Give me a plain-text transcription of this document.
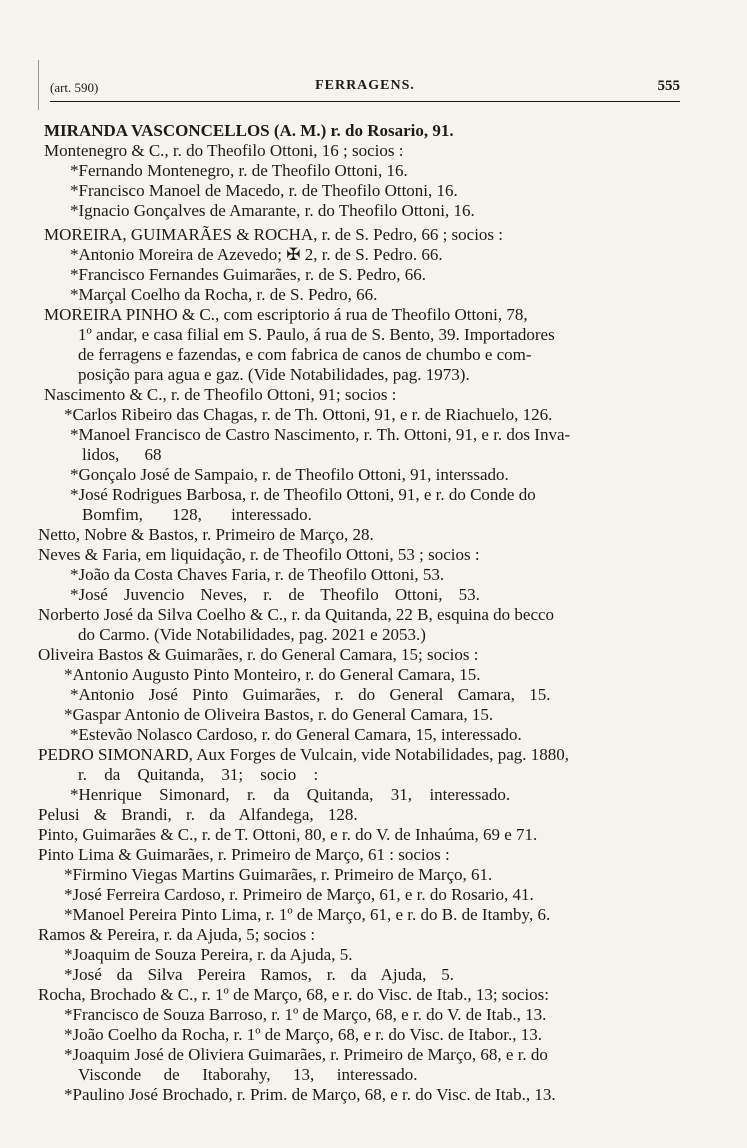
(art. 590)	FERRAGENS.	555
MIRANDA VASCONCELLOS (A. M.) r. do Rosario, 91.
Montenegro & C., r. do Theofilo Ottoni, 16 ; socios :
*Fernando Montenegro, r. de Theofilo Ottoni, 16.
*Francisco Manoel de Macedo, r. de Theofilo Ottoni, 16.
*Ignacio Gonçalves de Amarante, r. do Theofilo Ottoni, 16.
MOREIRA, GUIMARÃES & ROCHA, r. de S. Pedro, 66 ; socios :
*Antonio Moreira de Azevedo; ✠ 2, r. de S. Pedro. 66.
*Francisco Fernandes Guimarães, r. de S. Pedro, 66.
*Marçal Coelho da Rocha, r. de S. Pedro, 66.
MOREIRA PINHO & C., com escriptorio á rua de Theofilo Ottoni, 78,
1º andar, e casa filial em S. Paulo, á rua de S. Bento, 39. Importadores
de ferragens e fazendas, e com fabrica de canos de chumbo e com-
posição para agua e gaz. (Vide Notabilidades, pag. 1973).
Nascimento & C., r. de Theofilo Ottoni, 91; socios :
*Carlos Ribeiro das Chagas, r. de Th. Ottoni, 91, e r. de Riachuelo, 126.
*Manoel Francisco de Castro Nascimento, r. Th. Ottoni, 91, e r. dos Inva-
lidos, 68
*Gonçalo José de Sampaio, r. de Theofilo Ottoni, 91, interssado.
*José Rodrigues Barbosa, r. de Theofilo Ottoni, 91, e r. do Conde do
Bomfim, 128, interessado.
Netto, Nobre & Bastos, r. Primeiro de Março, 28.
Neves & Faria, em liquidação, r. de Theofilo Ottoni, 53 ; socios :
*João da Costa Chaves Faria, r. de Theofilo Ottoni, 53.
*José Juvencio Neves, r. de Theofilo Ottoni, 53.
Norberto José da Silva Coelho & C., r. da Quitanda, 22 B, esquina do becco
do Carmo. (Vide Notabilidades, pag. 2021 e 2053.)
Oliveira Bastos & Guimarães, r. do General Camara, 15; socios :
*Antonio Augusto Pinto Monteiro, r. do General Camara, 15.
*Antonio José Pinto Guimarães, r. do General Camara, 15.
*Gaspar Antonio de Oliveira Bastos, r. do General Camara, 15.
*Estevão Nolasco Cardoso, r. do General Camara, 15, interessado.
PEDRO SIMONARD, Aux Forges de Vulcain, vide Notabilidades, pag. 1880,
r. da Quitanda, 31; socio :
*Henrique Simonard, r. da Quitanda, 31, interessado.
Pelusi & Brandi, r. da Alfandega, 128.
Pinto, Guimarães & C., r. de T. Ottoni, 80, e r. do V. de Inhaúma, 69 e 71.
Pinto Lima & Guimarães, r. Primeiro de Março, 61 : socios :
*Firmino Viegas Martins Guimarães, r. Primeiro de Março, 61.
*José Ferreira Cardoso, r. Primeiro de Março, 61, e r. do Rosario, 41.
*Manoel Pereira Pinto Lima, r. 1º de Março, 61, e r. do B. de Itamby, 6.
Ramos & Pereira, r. da Ajuda, 5; socios :
*Joaquim de Souza Pereira, r. da Ajuda, 5.
*José da Silva Pereira Ramos, r. da Ajuda, 5.
Rocha, Brochado & C., r. 1º de Março, 68, e r. do Visc. de Itab., 13; socios:
*Francisco de Souza Barroso, r. 1º de Março, 68, e r. do V. de Itab., 13.
*João Coelho da Rocha, r. 1º de Março, 68, e r. do Visc. de Itabor., 13.
*Joaquim José de Oliviera Guimarães, r. Primeiro de Março, 68, e r. do
Visconde de Itaborahy, 13, interessado.
*Paulino José Brochado, r. Prim. de Março, 68, e r. do Visc. de Itab., 13.
